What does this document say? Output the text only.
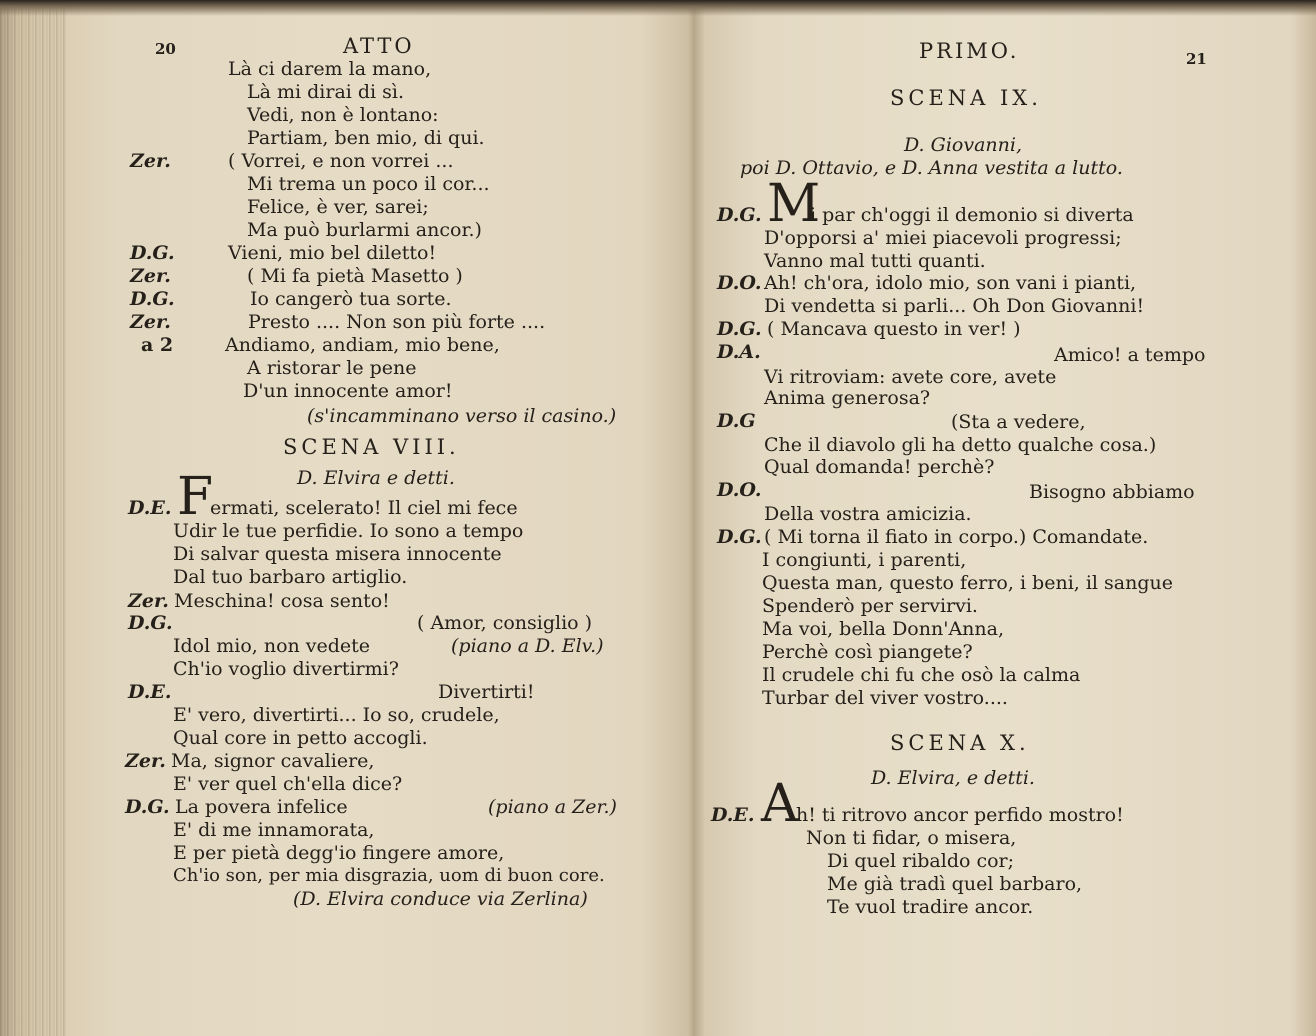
20	ATTO
Là ci darem la mano,
Là mi dirai di sì.
Vedi, non è lontano:
Partiam, ben mio, di qui.
Zer.	( Vorrei, e non vorrei ...
Mi trema un poco il cor...
Felice, è ver, sarei;
Ma può burlarmi ancor.)
D.G.	Vieni, mio bel diletto!
Zer.	( Mi fa pietà Masetto )
D.G.	Io cangerò tua sorte.
Zer.	Presto .... Non son più forte ....
a 2	Andiamo, andiam, mio bene,
A ristorar le pene
D'un innocente amor!
(s'incamminano verso il casino.)
SCENA VIII.
D. Elvira e detti.
D.E. F
ermati, scelerato! Il ciel mi fece
Udir le tue perfidie. Io sono a tempo
Di salvar questa misera innocente
Dal tuo barbaro artiglio.
Zer. Meschina! cosa sento!
D.G.	( Amor, consiglio )
Idol mio, non vedete	(piano a D. Elv.)
Ch'io voglio divertirmi?
D.E.	Divertirti!
E' vero, divertirti... Io so, crudele,
Qual core in petto accogli.
Zer. Ma, signor cavaliere,
E' ver quel ch'ella dice?
D.G. La povera infelice	(piano a Zer.)
E' di me innamorata,
E per pietà degg'io fingere amore,
Ch'io son, per mia disgrazia, uom di buon core.
(D. Elvira conduce via Zerlina)
PRIMO.	21
SCENA IX.
D. Giovanni,
poi D. Ottavio, e D. Anna vestita a lutto.
D.G. M
i par ch'oggi il demonio si diverta
D'opporsi a' miei piacevoli progressi;
Vanno mal tutti quanti.
D.O. Ah! ch'ora, idolo mio, son vani i pianti,
Di vendetta si parli... Oh Don Giovanni!
D.G. ( Mancava questo in ver! )
D.A.	Amico! a tempo
Vi ritroviam: avete core, avete
Anima generosa?
D.G	(Sta a vedere,
Che il diavolo gli ha detto qualche cosa.)
Qual domanda! perchè?
D.O.	Bisogno abbiamo
Della vostra amicizia.
D.G. ( Mi torna il fiato in corpo.) Comandate.
I congiunti, i parenti,
Questa man, questo ferro, i beni, il sangue
Spenderò per servirvi.
Ma voi, bella Donn'Anna,
Perchè così piangete?
Il crudele chi fu che osò la calma
Turbar del viver vostro....
SCENA X.
D. Elvira, e detti.
D.E. A
h! ti ritrovo ancor perfido mostro!
Non ti fidar, o misera,
Di quel ribaldo cor;
Me già tradì quel barbaro,
Te vuol tradire ancor.
